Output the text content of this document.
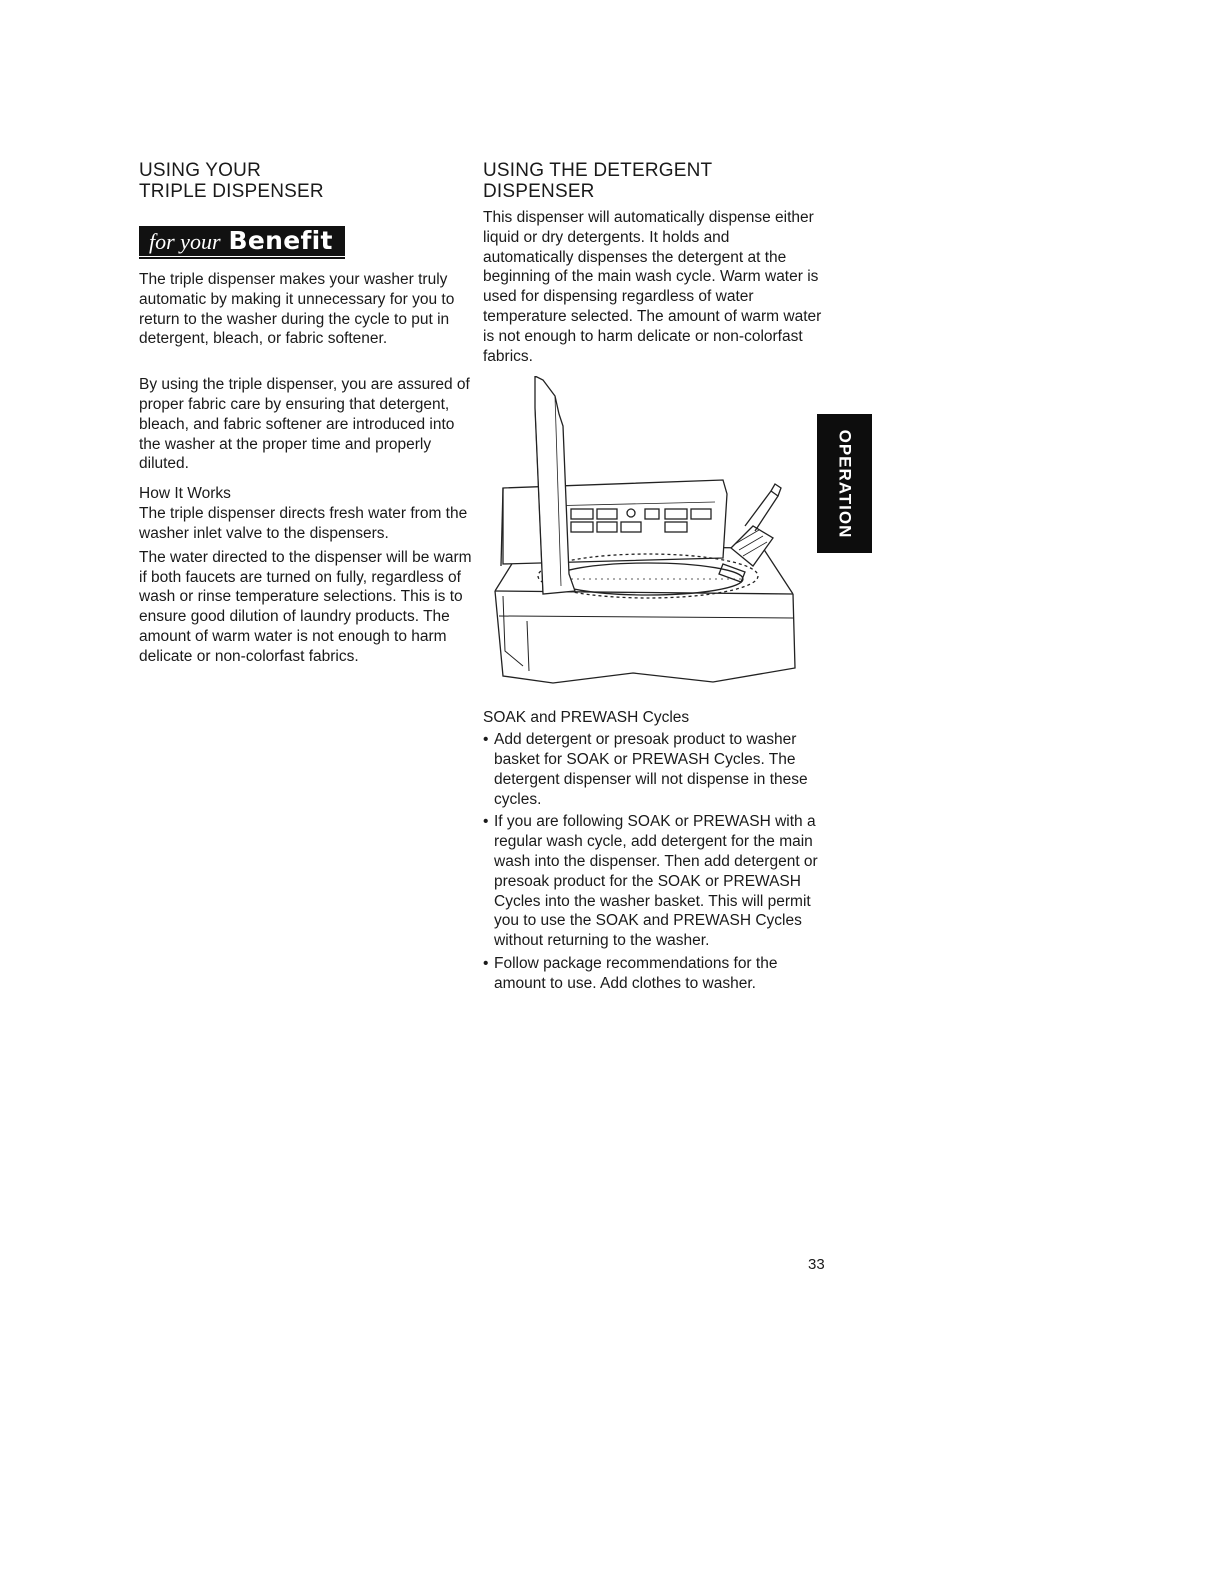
USING YOUR
TRIPLE DISPENSER
for your Benefit

The triple dispenser makes your washer truly automatic by making it unnecessary for you to return to the washer during the cycle to put in detergent, bleach, or fabric softener.

By using the triple dispenser, you are assured of proper fabric care by ensuring that detergent, bleach, and fabric softener are introduced into the washer at the proper time and properly diluted.

How It Works

The triple dispenser directs fresh water from the washer inlet valve to the dispensers.

The water directed to the dispenser will be warm if both faucets are turned on fully, regardless of wash or rinse temperature selections. This is to ensure good dilution of laundry products. The amount of warm water is not enough to harm delicate or non-colorfast fabrics.

USING THE DETERGENT
DISPENSER

This dispenser will automatically dispense either liquid or dry detergents. It holds and automatically dispenses the detergent at the beginning of the main wash cycle. Warm water is used for dispensing regardless of water temperature selected. The amount of warm water is not enough to harm delicate or non-colorfast fabrics.

SOAK and PREWASH Cycles

• Add detergent or presoak product to washer basket for SOAK or PREWASH Cycles. The detergent dispenser will not dispense in these cycles.
• If you are following SOAK or PREWASH with a regular wash cycle, add detergent for the main wash into the dispenser. Then add detergent or presoak product for the SOAK or PREWASH Cycles into the washer basket. This will permit you to use the SOAK and PREWASH Cycles without returning to the washer.
• Follow package recommendations for the amount to use. Add clothes to washer.
OPERATION
33
